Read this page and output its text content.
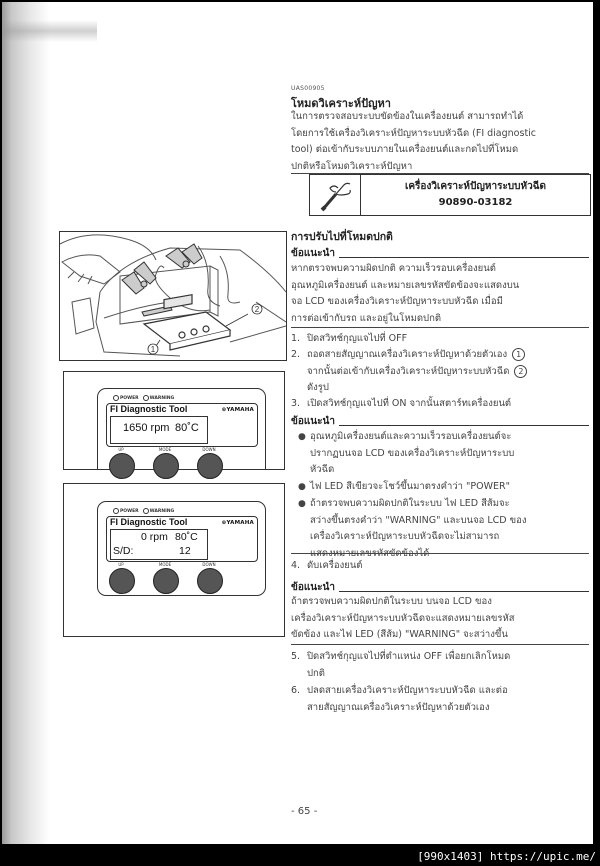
UAS00905
โหมดวิเคราะห์ปัญหา
ในการตรวจสอบระบบขัดข้องในเครื่องยนต์ สามารถทำได้
โดยการใช้เครื่องวิเคราะห์ปัญหาระบบหัวฉีด (FI diagnostic
tool) ต่อเข้ากับระบบภายในเครื่องยนต์และกดไปที่โหมด
ปกติหรือโหมดวิเคราะห์ปัญหา
เครื่องวิเคราะห์ปัญหาระบบหัวฉีด
90890-03182
การปรับไปที่โหมดปกติ
ข้อแนะนำ
หากตรวจพบความผิดปกติ ความเร็วรอบเครื่องยนต์
อุณหภูมิเครื่องยนต์ และหมายเลขรหัสขัดข้องจะแสดงบน
จอ LCD ของเครื่องวิเคราะห์ปัญหาระบบหัวฉีด เมื่อมี
การต่อเข้ากับรถ และอยู่ในโหมดปกติ
1. ปิดสวิทช์กุญแจไปที่ OFF
2. ถอดสายสัญญาณเครื่องวิเคราะห์ปัญหาด้วยตัวเอง 1
จากนั้นต่อเข้ากับเครื่องวิเคราะห์ปัญหาระบบหัวฉีด 2
ดังรูป
3. เปิดสวิทช์กุญแจไปที่ ON จากนั้นสตาร์ทเครื่องยนต์
ข้อแนะนำ
● อุณหภูมิเครื่องยนต์และความเร็วรอบเครื่องยนต์จะ
ปรากฏบนจอ LCD ของเครื่องวิเคราะห์ปัญหาระบบ
หัวฉีด
● ไฟ LED สีเขียวจะโชว์ขึ้นมาตรงคำว่า "POWER"
● ถ้าตรวจพบความผิดปกติในระบบ ไฟ LED สีส้มจะ
สว่างขึ้นตรงคำว่า "WARNING" และบนจอ LCD ของ
เครื่องวิเคราะห์ปัญหาระบบหัวฉีดจะไม่สามารถ
แสดงหมายเลขรหัสขัดข้องได้
4. ดับเครื่องยนต์
ข้อแนะนำ
ถ้าตรวจพบความผิดปกติในระบบ บนจอ LCD ของ
เครื่องวิเคราะห์ปัญหาระบบหัวฉีดจะแสดงหมายเลขรหัส
ขัดข้อง และไฟ LED (สีส้ม) "WARNING" จะสว่างขึ้น
5. ปิดสวิทช์กุญแจไปที่ตำแหน่ง OFF เพื่อยกเลิกโหมด
ปกติ
6. ปลดสายเครื่องวิเคราะห์ปัญหาระบบหัวฉีด และต่อ
สายสัญญาณเครื่องวิเคราะห์ปัญหาด้วยตัวเอง
- 65 -
1
2
POWER WARNING
FI Diagnostic Tool	⊛YAMAHA
1650 rpm 80˚C
UP	MODE	DOWN
POWER WARNING
FI Diagnostic Tool	⊛YAMAHA
0 rpm 80˚C
S/D:	12
UP	MODE	DOWN
[990x1403] https://upic.me/
